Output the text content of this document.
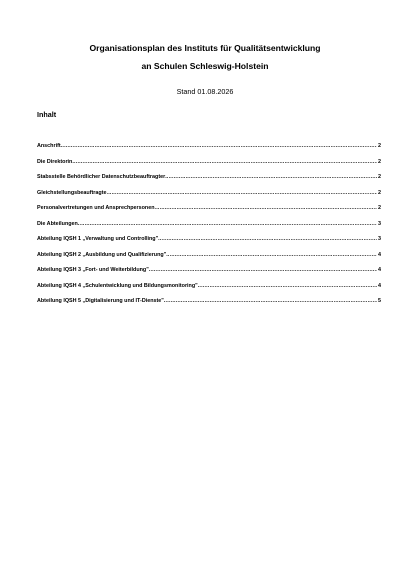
Organisationsplan des Instituts für Qualitätsentwicklung
an Schulen Schleswig-Holstein
Stand 01.08.2026
Inhalt
Anschrift .....	2
Die Direktorin .....	2
Stabsstelle Behördlicher Datenschutzbeauftragter .....	2
Gleichstellungsbeauftragte .....	2
Personalvertretungen und Ansprechpersonen .....	2
Die Abteilungen .....	3
Abteilung IQSH 1 „Verwaltung und Controlling" .....	3
Abteilung IQSH 2 „Ausbildung und Qualifizierung" .....	4
Abteilung IQSH 3 „Fort- und Weiterbildung" .....	4
Abteilung IQSH 4 „Schulentwicklung und Bildungsmonitoring" .....	4
Abteilung IQSH 5 „Digitalisierung und IT-Dienste" .....	5
